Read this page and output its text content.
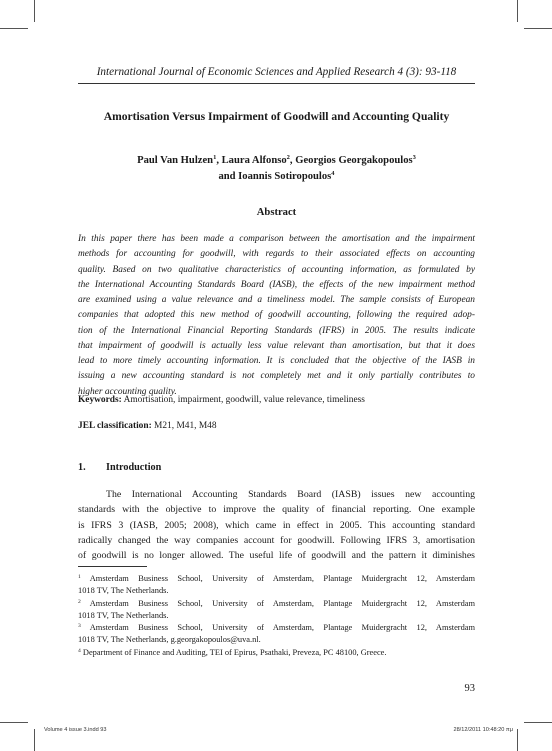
International Journal of Economic Sciences and Applied Research 4 (3): 93-118
Amortisation Versus Impairment of Goodwill and Accounting Quality
Paul Van Hulzen$^1$, Laura Alfonso$^2$, Georgios Georgakopoulos$^3$
and Ioannis Sotiropoulos$^4$
Abstract
In this paper there has been made a comparison between the amortisation and the impairment
methods for accounting for goodwill, with regards to their associated effects on accounting
quality. Based on two qualitative characteristics of accounting information, as formulated by
the International Accounting Standards Board (IASB), the effects of the new impairment method
are examined using a value relevance and a timeliness model. The sample consists of European
companies that adopted this new method of goodwill accounting, following the required adop-
tion of the International Financial Reporting Standards (IFRS) in 2005. The results indicate
that impairment of goodwill is actually less value relevant than amortisation, but that it does
lead to more timely accounting information. It is concluded that the objective of the IASB in
issuing a new accounting standard is not completely met and it only partially contributes to
higher accounting quality.
Keywords: Amortisation, impairment, goodwill, value relevance, timeliness
JEL classification: M21, M41, M48
1. Introduction
The International Accounting Standards Board (IASB) issues new accounting
standards with the objective to improve the quality of financial reporting. One example
is IFRS 3 (IASB, 2005; 2008), which came in effect in 2005. This accounting standard
radically changed the way companies account for goodwill. Following IFRS 3, amortisation
of goodwill is no longer allowed. The useful life of goodwill and the pattern it diminishes

$^1$ Amsterdam Business School, University of Amsterdam, Plantage Muidergracht 12, Amsterdam
1018 TV, The Netherlands.

$^2$ Amsterdam Business School, University of Amsterdam, Plantage Muidergracht 12, Amsterdam
1018 TV, The Netherlands.

$^3$ Amsterdam Business School, University of Amsterdam, Plantage Muidergracht 12, Amsterdam
1018 TV, The Netherlands, g.georgakopoulos@uva.nl.

$^4$ Department of Finance and Auditing, TEI of Epirus, Psathaki, Preveza, PC 48100, Greece.

93
Volume 4 issue 3.indd 93	28/12/2011 10:48:20 πμ
